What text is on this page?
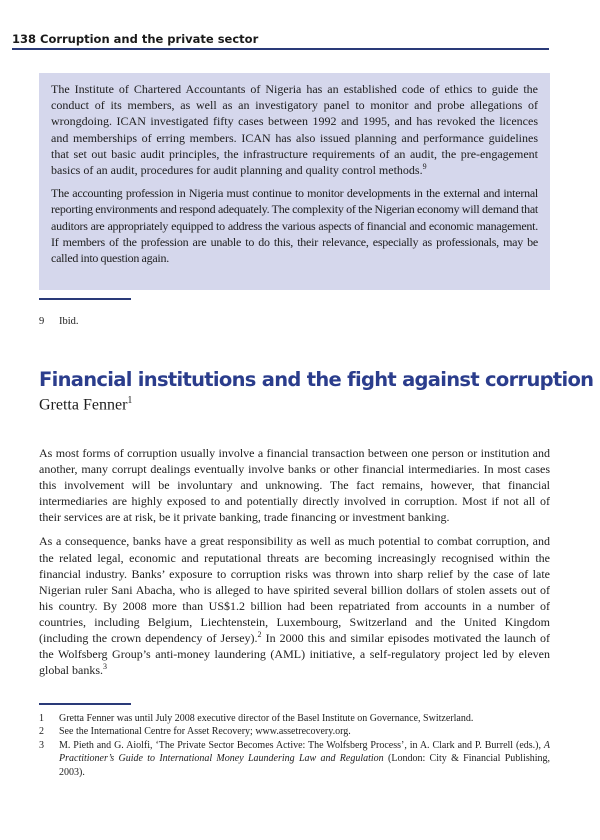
138 Corruption and the private sector

The Institute of Chartered Accountants of Nigeria has an established code of ethics to guide the conduct of its members, as well as an investigatory panel to monitor and probe allegations of wrongdoing. ICAN investigated fifty cases between 1992 and 1995, and has revoked the licences and memberships of erring members. ICAN has also issued planning and performance guidelines that set out basic audit principles, the infrastructure requirements of an audit, the pre-engagement basics of an audit, procedures for audit planning and quality control methods.$^9$

The accounting profession in Nigeria must continue to monitor developments in the external and internal reporting environments and respond adequately. The complexity of the Nigerian economy will demand that auditors are appropriately equipped to address the various aspects of financial and economic management. If members of the profession are unable to do this, their relevance, especially as professionals, may be called into question again.

9 Ibid.
Financial institutions and the fight against corruption
Gretta Fenner$^1$

As most forms of corruption usually involve a financial transaction between one person or institution and another, many corrupt dealings eventually involve banks or other financial intermediaries. In most cases this involvement will be involuntary and unknowing. The fact remains, however, that financial intermediaries are highly exposed to and potentially directly involved in corruption. Most if not all of their services are at risk, be it private banking, trade financing or investment banking.

As a consequence, banks have a great responsibility as well as much potential to combat corruption, and the related legal, economic and reputational threats are becoming increasingly recognised within the financial industry. Banks’ exposure to corruption risks was thrown into sharp relief by the case of late Nigerian ruler Sani Abacha, who is alleged to have spirited several billion dollars of stolen assets out of his country. By 2008 more than US$1.2 billion had been repatriated from accounts in a number of countries, including Belgium, Liechtenstein, Luxembourg, Switzerland and the United Kingdom (including the crown dependency of Jersey).$^2$ In 2000 this and similar episodes motivated the launch of the Wolfsberg Group’s anti-money laundering (AML) initiative, a self-regulatory project led by eleven global banks.$^3$

1 Gretta Fenner was until July 2008 executive director of the Basel Institute on Governance, Switzerland.
2 See the International Centre for Asset Recovery; www.assetrecovery.org.
3 M. Pieth and G. Aiolfi, ‘The Private Sector Becomes Active: The Wolfsberg Process’, in A. Clark and P. Burrell (eds.), A Practitioner’s Guide to International Money Laundering Law and Regulation (London: City & Financial Publishing, 2003).
